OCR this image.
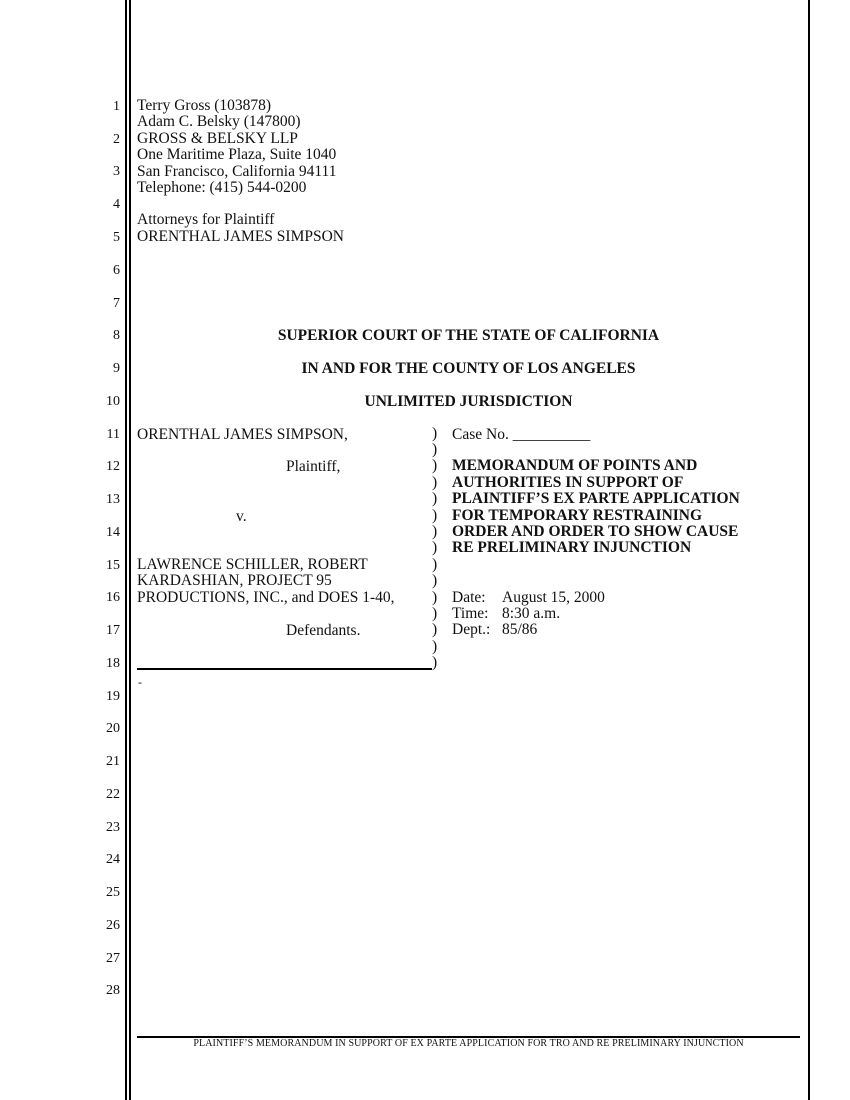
1
2
3
4
5
6
7
8
9
10
11
12
13
14
15
16
17
18
19
20
21
22
23
24
25
26
27
28
Terry Gross (103878)
Adam C. Belsky (147800)
GROSS & BELSKY LLP
One Maritime Plaza, Suite 1040
San Francisco, California 94111
Telephone: (415) 544-0200
Attorneys for Plaintiff
ORENTHAL JAMES SIMPSON
SUPERIOR COURT OF THE STATE OF CALIFORNIA
IN AND FOR THE COUNTY OF LOS ANGELES
UNLIMITED JURISDICTION
ORENTHAL JAMES SIMPSON,
Plaintiff,
v.
LAWRENCE SCHILLER, ROBERT
KARDASHIAN, PROJECT 95
PRODUCTIONS, INC., and DOES 1-40,
Defendants.
)
)
)
)
)
)
)
)
)
)
)
)
)
)
)
Case No. __________
MEMORANDUM OF POINTS AND
AUTHORITIES IN SUPPORT OF
PLAINTIFF’S EX PARTE APPLICATION
FOR TEMPORARY RESTRAINING
ORDER AND ORDER TO SHOW CAUSE
RE PRELIMINARY INJUNCTION
Date: August 15, 2000
Time: 8:30 a.m.
Dept.: 85/86
-
PLAINTIFF’S MEMORANDUM IN SUPPORT OF EX PARTE APPLICATION FOR TRO AND RE PRELIMINARY INJUNCTION
